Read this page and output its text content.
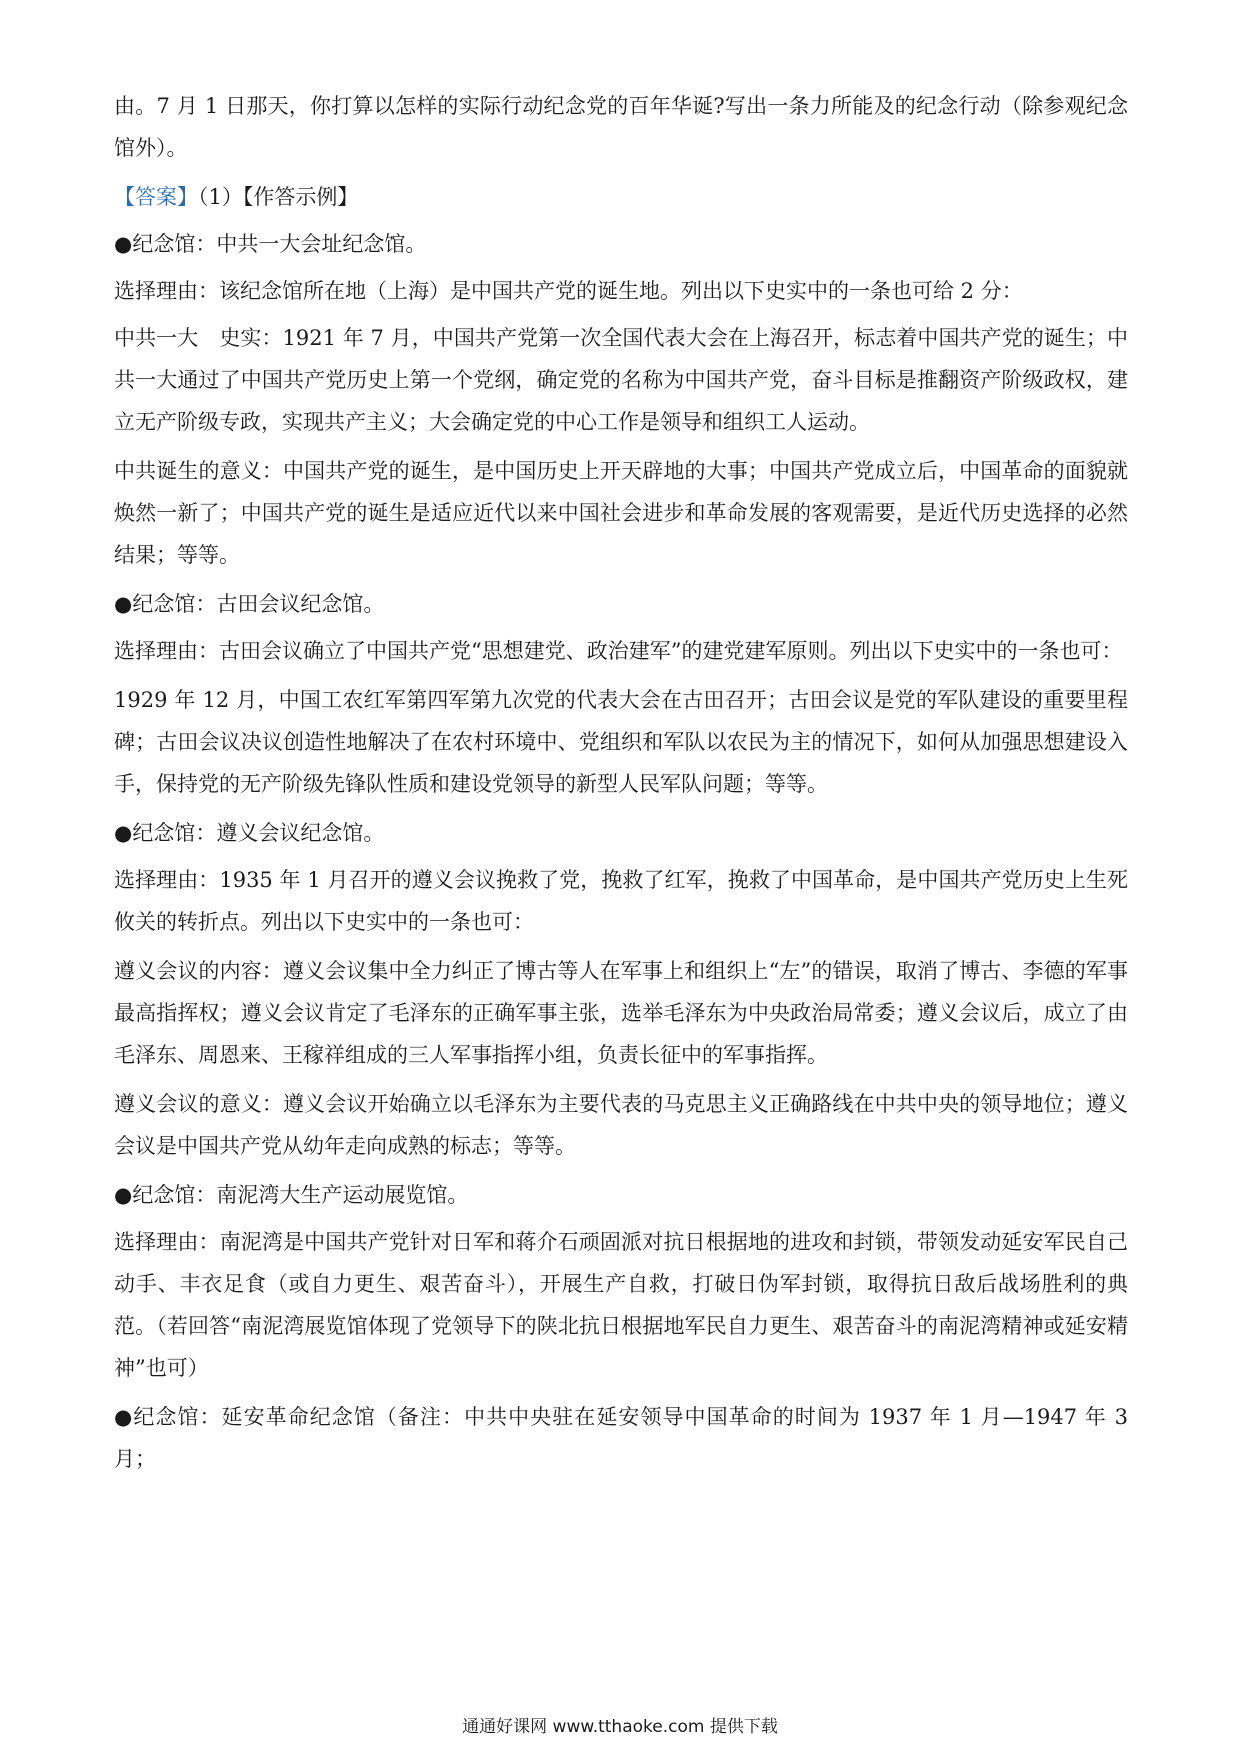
由。7 月 1 日那天，你打算以怎样的实际行动纪念党的百年华诞?写出一条力所能及的纪念行动（除参观纪念馆外）。

【答案】（1）【作答示例】

●纪念馆：中共一大会址纪念馆。

选择理由：该纪念馆所在地（上海）是中国共产党的诞生地。列出以下史实中的一条也可给 2 分：

中共一大　史实：1921 年 7 月，中国共产党第一次全国代表大会在上海召开，标志着中国共产党的诞生；中共一大通过了中国共产党历史上第一个党纲，确定党的名称为中国共产党，奋斗目标是推翻资产阶级政权，建立无产阶级专政，实现共产主义；大会确定党的中心工作是领导和组织工人运动。

中共诞生的意义：中国共产党的诞生，是中国历史上开天辟地的大事；中国共产党成立后，中国革命的面貌就焕然一新了；中国共产党的诞生是适应近代以来中国社会进步和革命发展的客观需要，是近代历史选择的必然结果；等等。

●纪念馆：古田会议纪念馆。

选择理由：古田会议确立了中国共产党“思想建党、政治建军”的建党建军原则。列出以下史实中的一条也可：

1929 年 12 月，中国工农红军第四军第九次党的代表大会在古田召开；古田会议是党的军队建设的重要里程碑；古田会议决议创造性地解决了在农村环境中、党组织和军队以农民为主的情况下，如何从加强思想建设入手，保持党的无产阶级先锋队性质和建设党领导的新型人民军队问题；等等。

●纪念馆：遵义会议纪念馆。

选择理由：1935 年 1 月召开的遵义会议挽救了党，挽救了红军，挽救了中国革命，是中国共产党历史上生死攸关的转折点。列出以下史实中的一条也可：

遵义会议的内容：遵义会议集中全力纠正了博古等人在军事上和组织上“左”的错误，取消了博古、李德的军事最高指挥权；遵义会议肯定了毛泽东的正确军事主张，选举毛泽东为中央政治局常委；遵义会议后，成立了由毛泽东、周恩来、王稼祥组成的三人军事指挥小组，负责长征中的军事指挥。

遵义会议的意义：遵义会议开始确立以毛泽东为主要代表的马克思主义正确路线在中共中央的领导地位；遵义会议是中国共产党从幼年走向成熟的标志；等等。

●纪念馆：南泥湾大生产运动展览馆。

选择理由：南泥湾是中国共产党针对日军和蒋介石顽固派对抗日根据地的进攻和封锁，带领发动延安军民自己动手、丰衣足食（或自力更生、艰苦奋斗），开展生产自救，打破日伪军封锁，取得抗日敌后战场胜利的典范。（若回答“南泥湾展览馆体现了党领导下的陕北抗日根据地军民自力更生、艰苦奋斗的南泥湾精神或延安精神”也可）

●纪念馆：延安革命纪念馆（备注：中共中央驻在延安领导中国革命的时间为 1937 年 1 月—1947 年 3 月；

通通好课网 www.tthaoke.com 提供下载
